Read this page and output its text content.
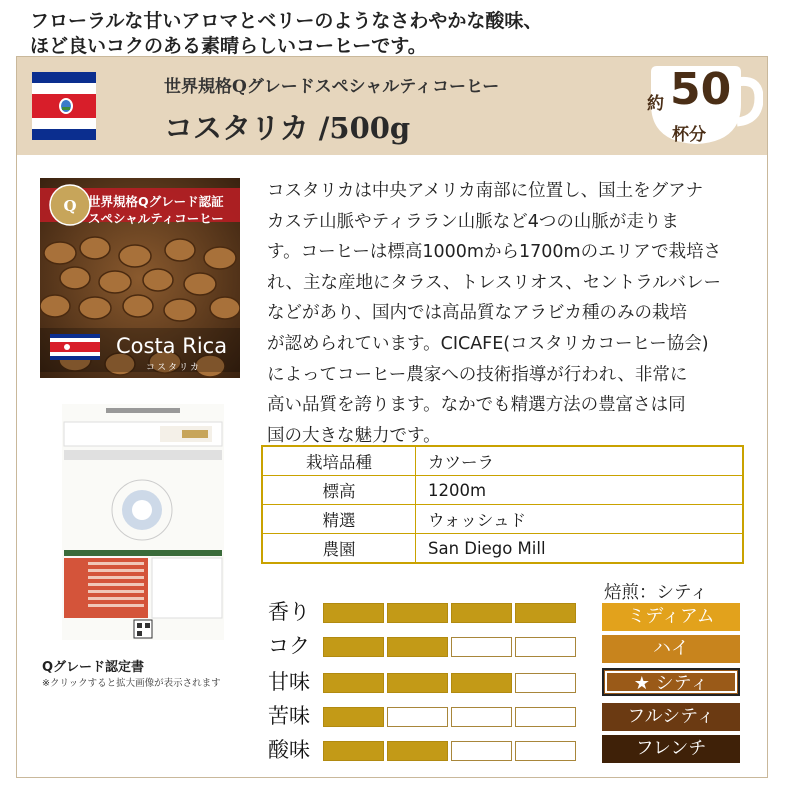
フローラルな甘いアロマとベリーのようなさわやかな酸味、
ほど良いコクのある素晴らしいコーヒーです。
世界規格Qグレードスペシャルティコーヒー
コスタリカ /500g
約 50
杯分
Q 世界規格Qグレード認証
スペシャルティコーヒー
Costa Rica
コスタリカ
Qグレード認定書
※クリックすると拡大画像が表示されます
コスタリカは中央アメリカ南部に位置し、国土をグアナ
カステ山脈やティララン山脈など4つの山脈が走りま
す。コーヒーは標高1000mから1700mのエリアで栽培さ
れ、主な産地にタラス、トレスリオス、セントラルバレー
などがあり、国内では高品質なアラビカ種のみの栽培
が認められています。CICAFE(コスタリカコーヒー協会)
によってコーヒー農家への技術指導が行われ、非常に
高い品質を誇ります。なかでも精選方法の豊富さは同
国の大きな魅力です。
栽培品種	カツーラ
標高	1200m
精選	ウォッシュド
農園	San Diego Mill
香り
コク
甘味
苦味
酸味
焙煎：シティ
ミディアム
ハイ
★ シティ
フルシティ
フレンチ
